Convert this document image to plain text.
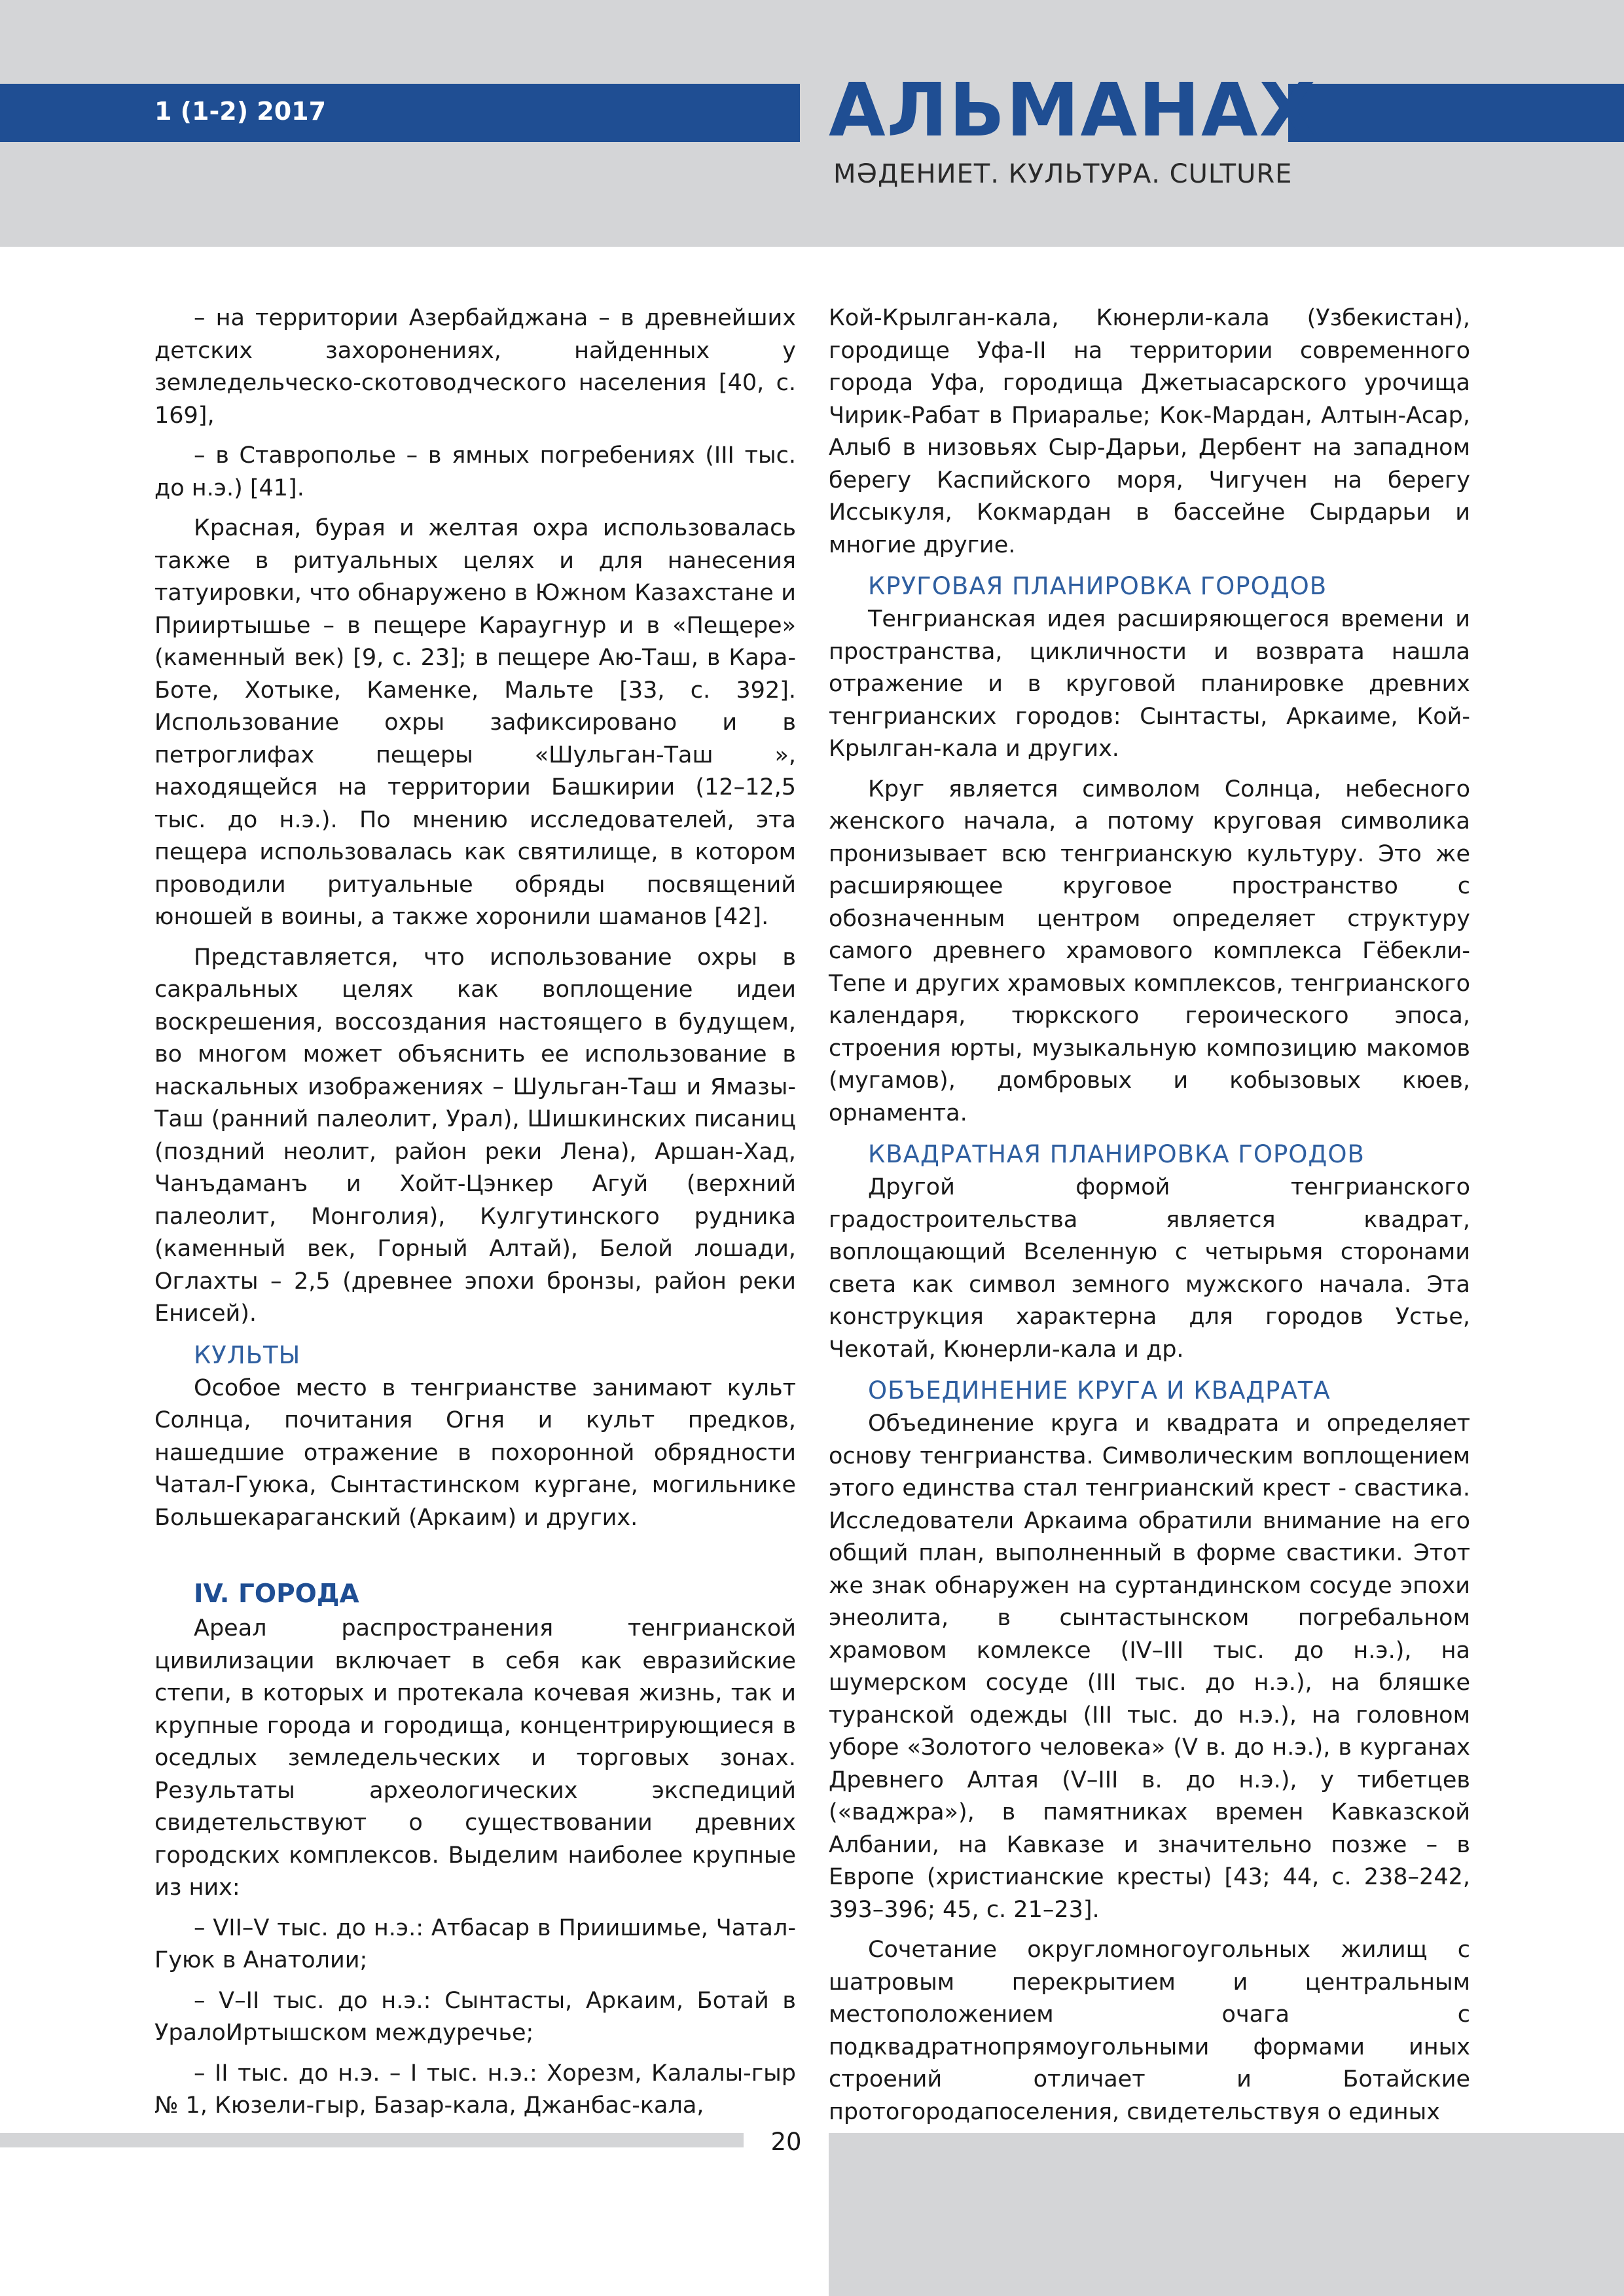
1 (1-2) 2017	АЛЬМАНАХ
МӘДЕНИЕТ. КУЛЬТУРА. CULTURE

– на территории Азербайджана – в древнейших детских захоронениях, найденных у земледельческо-скотоводческого населения [40, с. 169],

– в Ставрополье – в ямных погребениях (III тыс. до н.э.) [41].

Красная, бурая и желтая охра использовалась также в ритуальных целях и для нанесения татуировки, что обнаружено в Южном Казахстане и Прииртышье – в пещере Караугнур и в «Пещере» (каменный век) [9, с. 23]; в пещере Аю-Таш, в Кара-Боте, Хотыке, Каменке, Мальте [33, с. 392]. Использование охры зафиксировано и в петроглифах пещеры «Шульган-Таш », находящейся на территории Башкирии (12–12,5 тыс. до н.э.). По мнению исследователей, эта пещера использовалась как святилище, в котором проводили ритуальные обряды посвящений юношей в воины, а также хоронили шаманов [42].

Представляется, что использование охры в сакральных целях как воплощение идеи воскрешения, воссоздания настоящего в будущем, во многом может объяснить ее использование в наскальных изображениях – Шульган-Таш и Ямазы-Таш (ранний палеолит, Урал), Шишкинских писаниц (поздний неолит, район реки Лена), Аршан-Хад, Чанъдаманъ и Хойт-Цэнкер Агуй (верхний палеолит, Монголия), Кулгутинского рудника (каменный век, Горный Алтай), Белой лошади, Оглахты – 2,5 (древнее эпохи бронзы, район реки Енисей).

КУЛЬТЫ

Особое место в тенгрианстве занимают культ Солнца, почитания Огня и культ предков, нашедшие отражение в похоронной обрядности Чатал-Гуюка, Сынтастинском кургане, могильнике Большекараганский (Аркаим) и других.

IV. ГОРОДА

Ареал распространения тенгрианской цивилизации включает в себя как евразийские степи, в которых и протекала кочевая жизнь, так и крупные города и городища, концентрирующиеся в оседлых земледельческих и торговых зонах. Результаты археологических экспедиций свидетельствуют о существовании древних городских комплексов. Выделим наиболее крупные из них:

– VII–V тыс. до н.э.: Атбасар в Приишимье, Чатал-Гуюк в Анатолии;

– V–II тыс. до н.э.: Сынтасты, Аркаим, Ботай в УралоИртышском междуречье;

– II тыс. до н.э. – I тыс. н.э.: Хорезм, Калалы-гыр № 1, Кюзели-гыр, Базар-кала, Джанбас-кала,

Кой-Крылган-кала, Кюнерли-кала (Узбекистан), городище Уфа-II на территории современного города Уфа, городища Джетыасарского урочища Чирик-Рабат в Приаралье; Кок-Мардан, Алтын-Асар, Алыб в низовьях Сыр-Дарьи, Дербент на западном берегу Каспийского моря, Чигучен на берегу Иссыкуля, Кокмардан в бассейне Сырдарьи и многие другие.

КРУГОВАЯ ПЛАНИРОВКА ГОРОДОВ

Тенгрианская идея расширяющегося времени и пространства, цикличности и возврата нашла отражение и в круговой планировке древних тенгрианских городов: Сынтасты, Аркаиме, Кой-Крылган-кала и других.

Круг является символом Солнца, небесного женского начала, а потому круговая символика пронизывает всю тенгрианскую культуру. Это же расширяющее круговое пространство с обозначенным центром определяет структуру самого древнего храмового комплекса Гёбекли-Тепе и других храмовых комплексов, тенгрианского календаря, тюркского героического эпоса, строения юрты, музыкальную композицию макомов (мугамов), домбровых и кобызовых кюев, орнамента.

КВАДРАТНАЯ ПЛАНИРОВКА ГОРОДОВ

Другой формой тенгрианского градостроительства является квадрат, воплощающий Вселенную с четырьмя сторонами света как символ земного мужского начала. Эта конструкция характерна для городов Устье, Чекотай, Кюнерли-кала и др.

ОБЪЕДИНЕНИЕ КРУГА И КВАДРАТА

Объединение круга и квадрата и определяет основу тенгрианства. Символическим воплощением этого единства стал тенгрианский крест - свастика. Исследователи Аркаима обратили внимание на его общий план, выполненный в форме свастики. Этот же знак обнаружен на суртандинском сосуде эпохи энеолита, в сынтастынском погребальном храмовом комлексе (IV–III тыс. до н.э.), на шумерском сосуде (III тыс. до н.э.), на бляшке туранской одежды (III тыс. до н.э.), на головном уборе «Золотого человека» (V в. до н.э.), в курганах Древнего Алтая (V–III в. до н.э.), у тибетцев («ваджра»), в памятниках времен Кавказской Албании, на Кавказе и значительно позже – в Европе (христианские кресты) [43; 44, с. 238–242, 393–396; 45, с. 21–23].

Сочетание округломногоугольных жилищ с шатровым перекрытием и центральным местоположением очага с подквадратнопрямоугольными формами иных строений отличает и Ботайские протогородапоселения, свидетельствуя о единых

20
